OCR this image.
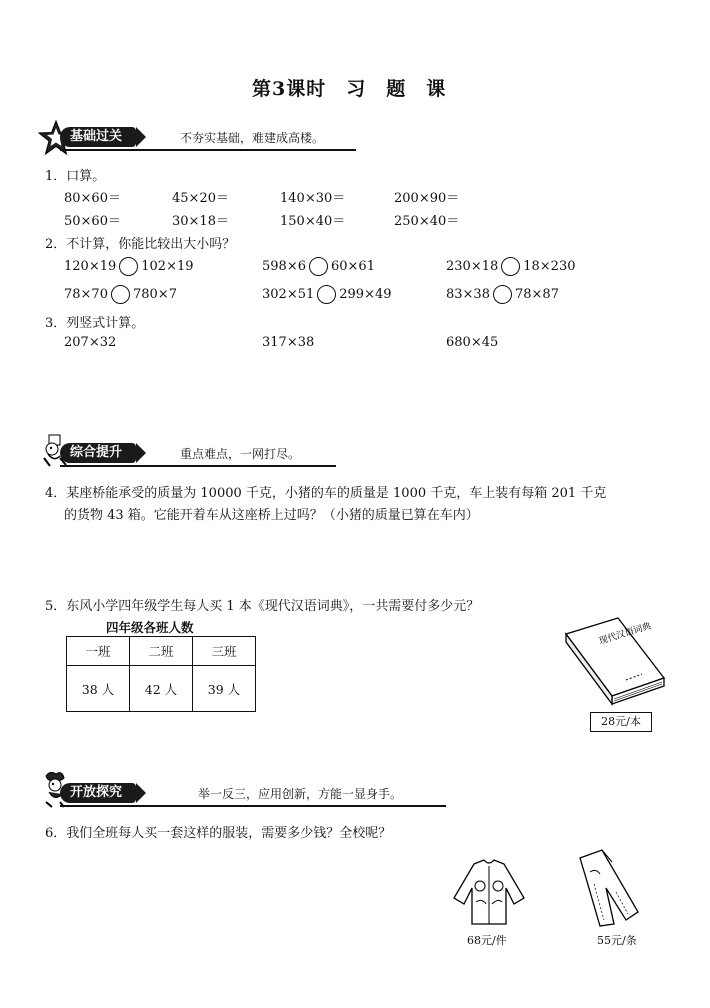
第3课时　习　题　课
基础过关	不夯实基础，难建成高楼。
1．口算。
80×60＝	45×20＝	140×30＝	200×90＝
50×60＝	30×18＝	150×40＝	250×40＝
2．不计算，你能比较出大小吗？
120×19 102×19	598×6 60×61	230×18 18×230
78×70 780×7	302×51 299×49	83×38 78×87
3．列竖式计算。
207×32	317×38	680×45
综合提升	重点难点，一网打尽。
4．某座桥能承受的质量为 10000 千克，小猪的车的质量是 1000 千克，车上装有每箱 201 千克
的货物 43 箱。它能开着车从这座桥上过吗？（小猪的质量已算在车内）
5．东风小学四年级学生每人买 1 本《现代汉语词典》，一共需要付多少元？
四年级各班人数
一班	二班	三班
38 人	42 人	39 人
现代汉语词典
28元/本
开放探究	举一反三，应用创新，方能一显身手。
6．我们全班每人买一套这样的服装，需要多少钱？全校呢？
68元/件	55元/条
